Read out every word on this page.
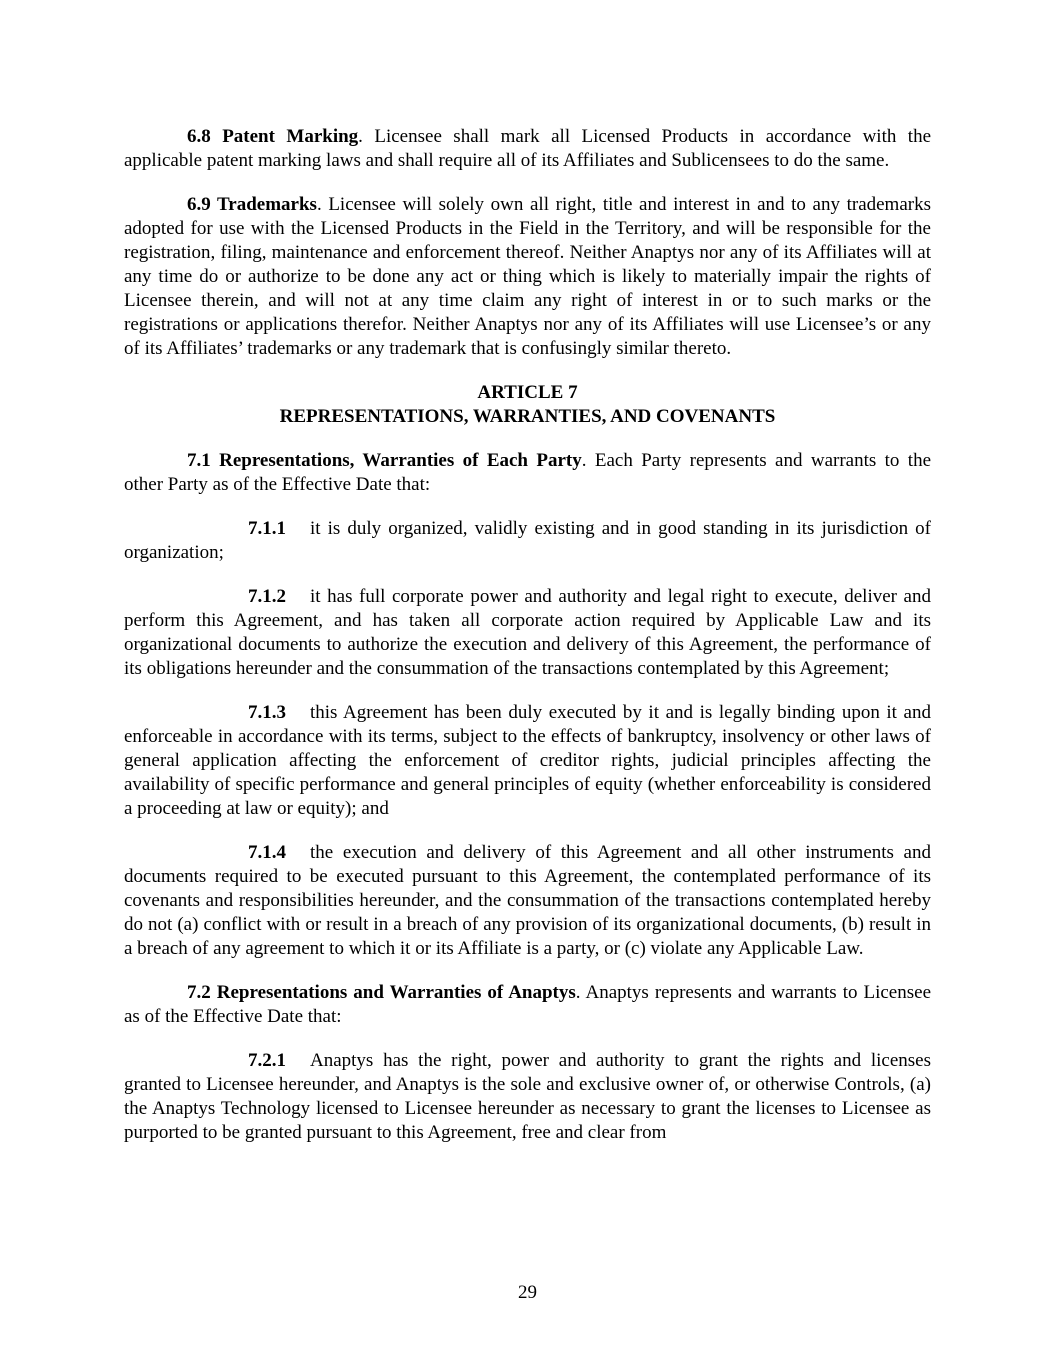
6.8 Patent Marking. Licensee shall mark all Licensed Products in accordance with the applicable patent marking laws and shall require all of its Affiliates and Sublicensees to do the same.

6.9 Trademarks. Licensee will solely own all right, title and interest in and to any trademarks adopted for use with the Licensed Products in the Field in the Territory, and will be responsible for the registration, filing, maintenance and enforcement thereof. Neither Anaptys nor any of its Affiliates will at any time do or authorize to be done any act or thing which is likely to materially impair the rights of Licensee therein, and will not at any time claim any right of interest in or to such marks or the registrations or applications therefor. Neither Anaptys nor any of its Affiliates will use Licensee’s or any of its Affiliates’ trademarks or any trademark that is confusingly similar thereto.

ARTICLE 7
REPRESENTATIONS, WARRANTIES, AND COVENANTS

7.1 Representations, Warranties of Each Party. Each Party represents and warrants to the other Party as of the Effective Date that:

7.1.1 it is duly organized, validly existing and in good standing in its jurisdiction of organization;

7.1.2 it has full corporate power and authority and legal right to execute, deliver and perform this Agreement, and has taken all corporate action required by Applicable Law and its organizational documents to authorize the execution and delivery of this Agreement, the performance of its obligations hereunder and the consummation of the transactions contemplated by this Agreement;

7.1.3 this Agreement has been duly executed by it and is legally binding upon it and enforceable in accordance with its terms, subject to the effects of bankruptcy, insolvency or other laws of general application affecting the enforcement of creditor rights, judicial principles affecting the availability of specific performance and general principles of equity (whether enforceability is considered a proceeding at law or equity); and

7.1.4 the execution and delivery of this Agreement and all other instruments and documents required to be executed pursuant to this Agreement, the contemplated performance of its covenants and responsibilities hereunder, and the consummation of the transactions contemplated hereby do not (a) conflict with or result in a breach of any provision of its organizational documents, (b) result in a breach of any agreement to which it or its Affiliate is a party, or (c) violate any Applicable Law.

7.2 Representations and Warranties of Anaptys. Anaptys represents and warrants to Licensee as of the Effective Date that:

7.2.1 Anaptys has the right, power and authority to grant the rights and licenses granted to Licensee hereunder, and Anaptys is the sole and exclusive owner of, or otherwise Controls, (a) the Anaptys Technology licensed to Licensee hereunder as necessary to grant the licenses to Licensee as purported to be granted pursuant to this Agreement, free and clear from

29
